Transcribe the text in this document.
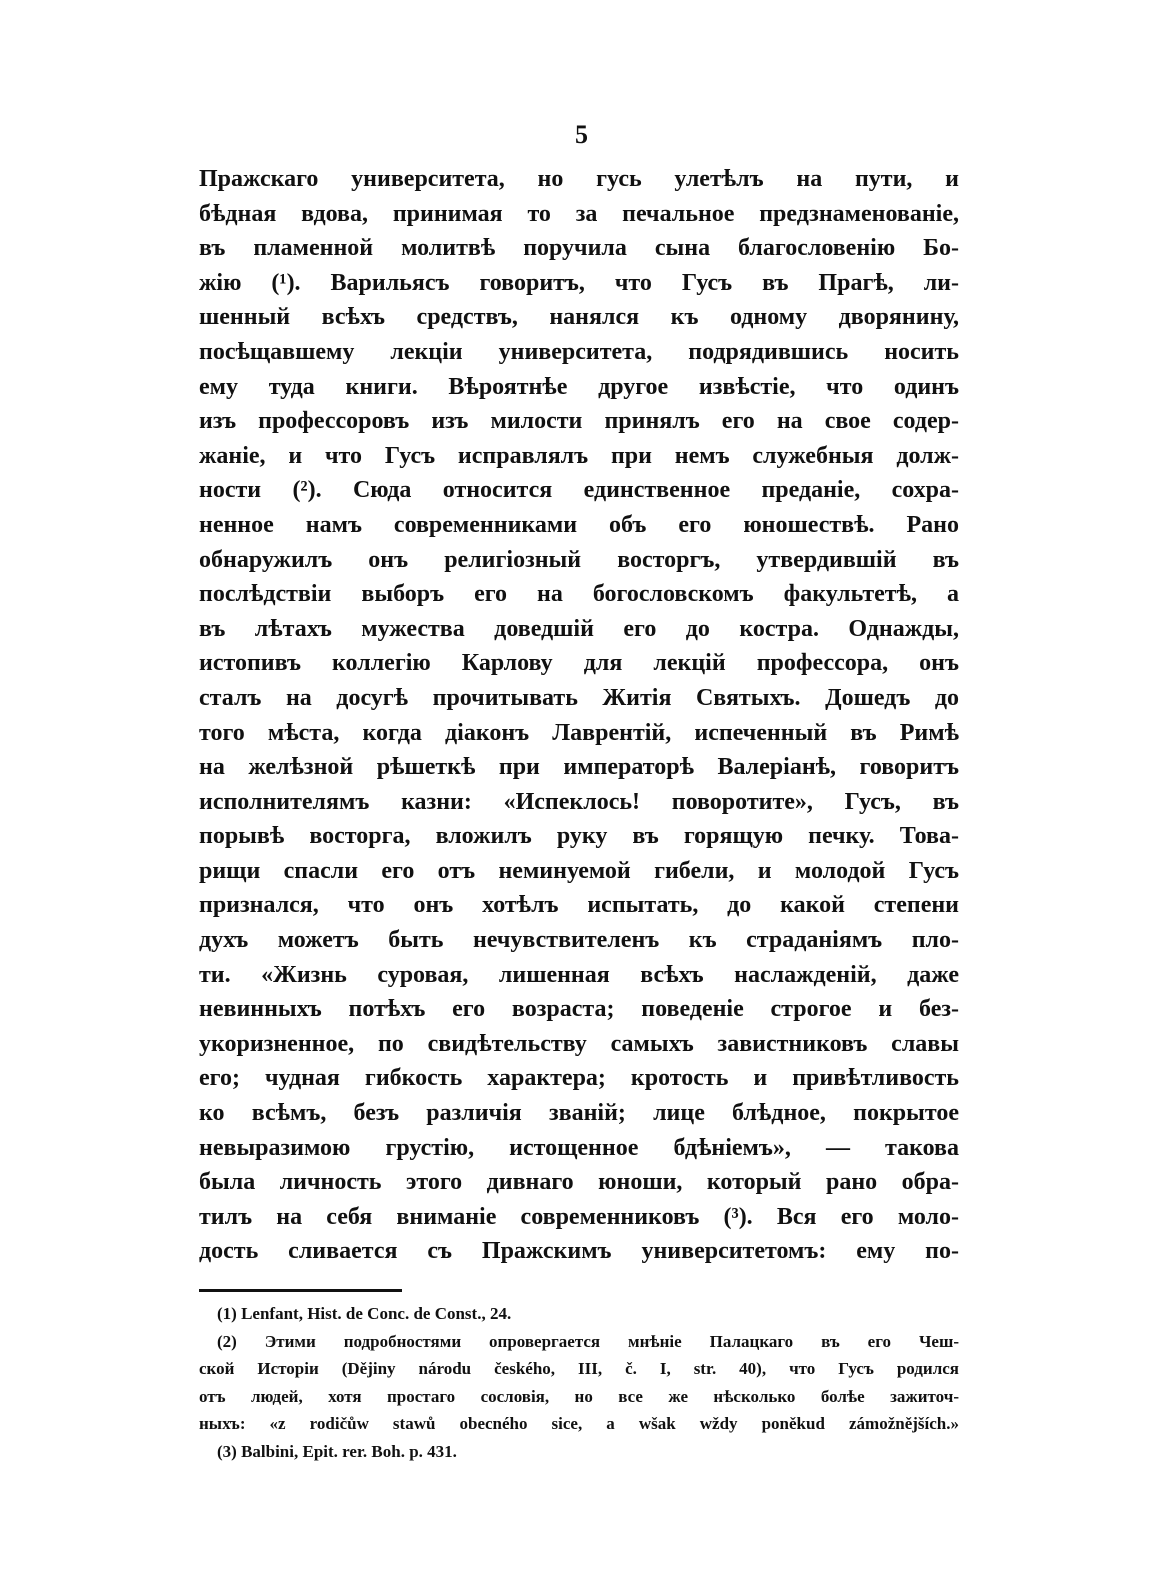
5
Пражскаго университета, но гусь улетѣлъ на пути, и
бѣдная вдова, принимая то за печальное предзнаменованіе,
въ пламенной молитвѣ поручила сына благословенію Бо-
жію (¹). Варильясъ говоритъ, что Гусъ въ Прагѣ, ли-
шенный всѣхъ средствъ, нанялся къ одному дворянину,
посѣщавшему лекціи университета, подрядившись носить
ему туда книги. Вѣроятнѣе другое извѣстіе, что одинъ
изъ профессоровъ изъ милости принялъ его на свое содер-
жаніе, и что Гусъ исправлялъ при немъ служебныя долж-
ности (²). Сюда относится единственное преданіе, сохра-
ненное намъ современниками объ его юношествѣ. Рано
обнаружилъ онъ религіозный восторгъ, утвердившій въ
послѣдствіи выборъ его на богословскомъ факультетѣ, а
въ лѣтахъ мужества доведшій его до костра. Однажды,
истопивъ коллегію Карлову для лекцій профессора, онъ
сталъ на досугѣ прочитывать Житія Святыхъ. Дошедъ до
того мѣста, когда діаконъ Лаврентій, испеченный въ Римѣ
на желѣзной рѣшеткѣ при императорѣ Валеріанѣ, говоритъ
исполнителямъ казни: «Испеклось! поворотите», Гусъ, въ
порывѣ восторга, вложилъ руку въ горящую печку. Това-
рищи спасли его отъ неминуемой гибели, и молодой Гусъ
признался, что онъ хотѣлъ испытать, до какой степени
духъ можетъ быть нечувствителенъ къ страданіямъ пло-
ти. «Жизнь суровая, лишенная всѣхъ наслажденій, даже
невинныхъ потѣхъ его возраста; поведеніе строгое и без-
укоризненное, по свидѣтельству самыхъ завистниковъ славы
его; чудная гибкость характера; кротость и привѣтливость
ко всѣмъ, безъ различія званій; лице блѣдное, покрытое
невыразимою грустію, истощенное бдѣніемъ», — такова
была личность этого дивнаго юноши, который рано обра-
тилъ на себя вниманіе современниковъ (³). Вся его моло-
дость сливается съ Пражскимъ университетомъ: ему по-
(1) Lenfant, Hist. de Conc. de Const., 24.
(2) Этими подробностями опровергается мнѣніе Палацкаго въ его Чеш-
ской Исторіи (Dějiny národu českého, III, č. I, str. 40), что Гусъ родился
отъ людей, хотя простаго сословія, но все же нѣсколько болѣе зажиточ-
ныхъ: «z rodičůw stawů obecného sice, a wšak wždy poněkud zámožnějších.»
(3) Balbini, Epit. rer. Boh. p. 431.
